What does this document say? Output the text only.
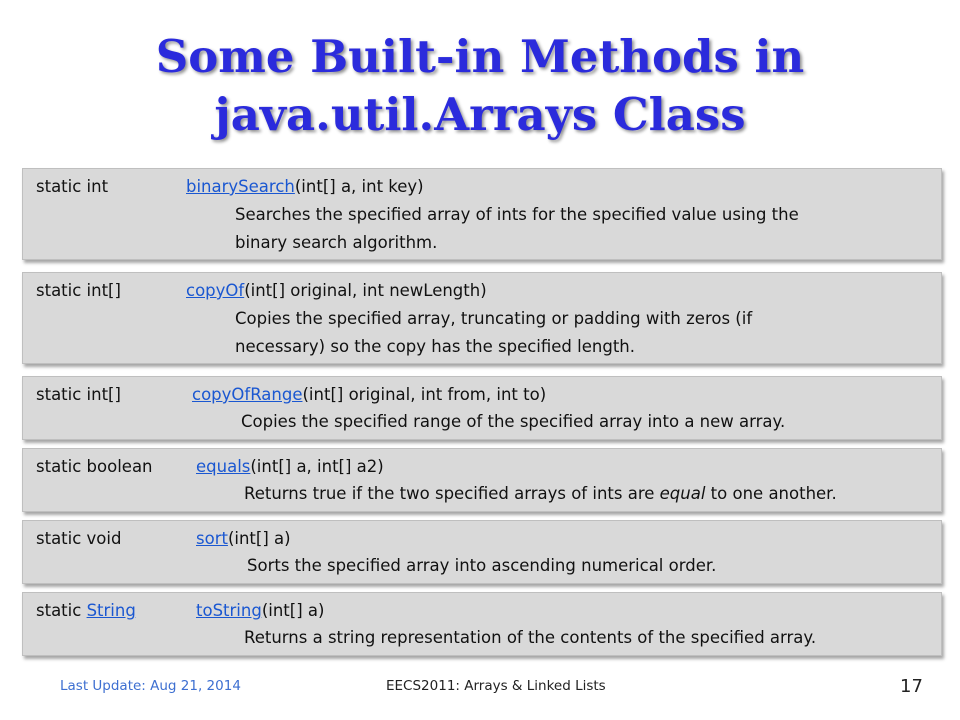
Some Built-in Methods in
java.util.Arrays Class
static int	binarySearch(int[] a, int key)
Searches the specified array of ints for the specified value using the
binary search algorithm.
static int[]	copyOf(int[] original, int newLength)
Copies the specified array, truncating or padding with zeros (if
necessary) so the copy has the specified length.
static int[]	copyOfRange(int[] original, int from, int to)
Copies the specified range of the specified array into a new array.
static boolean	equals(int[] a, int[] a2)
Returns true if the two specified arrays of ints are equal to one another.
static void	sort(int[] a)
Sorts the specified array into ascending numerical order.
static String	toString(int[] a)
Returns a string representation of the contents of the specified array.
Last Update: Aug 21, 2014	EECS2011: Arrays & Linked Lists	17
